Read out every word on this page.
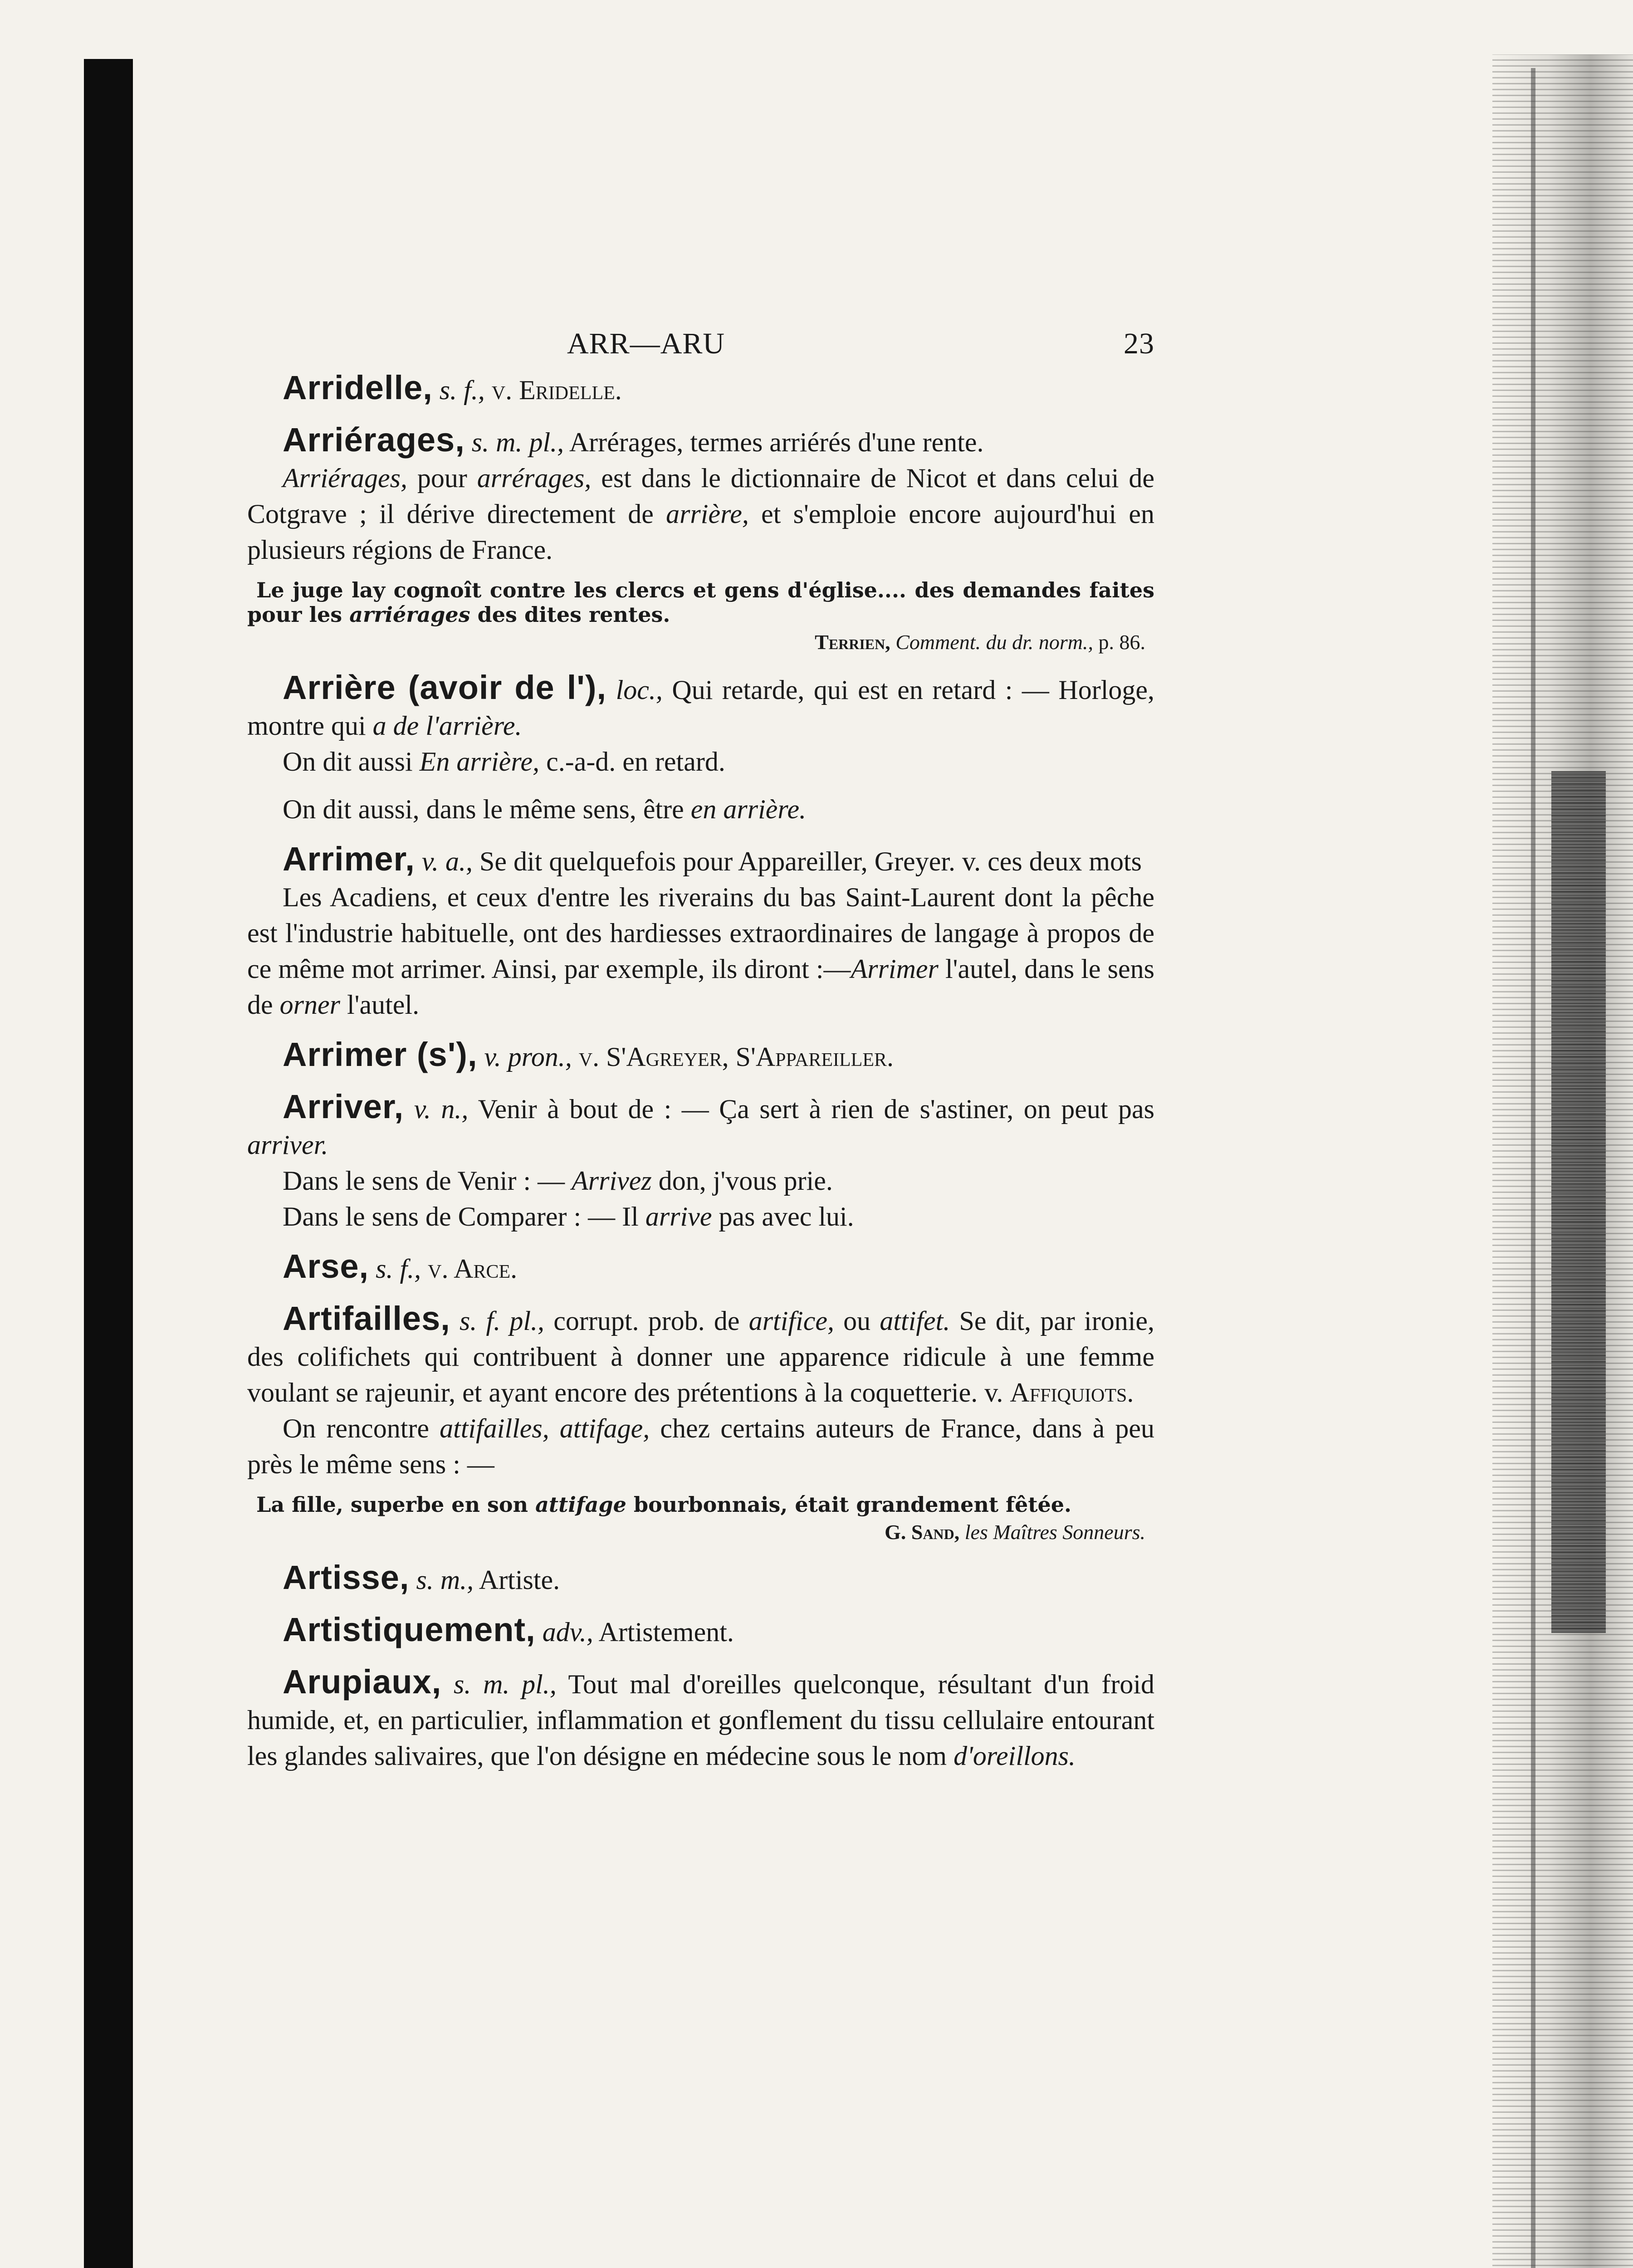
ARR—ARU	23
Arridelle, s. f., v. Eridelle.

Arriérages, s. m. pl., Arrérages, termes arriérés d'une rente.

Arriérages, pour arrérages, est dans le dictionnaire de Nicot et dans celui de Cotgrave ; il dérive directement de arrière, et s'emploie encore aujourd'hui en plusieurs régions de France.

Le juge lay cognoît contre les clercs et gens d'église.... des demandes faites pour les arriérages des dites rentes.

Terrien, Comment. du dr. norm., p. 86.

Arrière (avoir de l'), loc., Qui retarde, qui est en retard : — Horloge, montre qui a de l'arrière.

On dit aussi En arrière, c.-a-d. en retard.

On dit aussi, dans le même sens, être en arrière.

Arrimer, v. a., Se dit quelquefois pour Appareiller, Greyer. v. ces deux mots

Les Acadiens, et ceux d'entre les riverains du bas Saint-Laurent dont la pêche est l'industrie habituelle, ont des hardiesses extraordinaires de langage à propos de ce même mot arrimer. Ainsi, par exemple, ils diront :—Arrimer l'autel, dans le sens de orner l'autel.

Arrimer (s'), v. pron., v. S'Agreyer, S'Appareiller.

Arriver, v. n., Venir à bout de : — Ça sert à rien de s'astiner, on peut pas arriver.

Dans le sens de Venir : — Arrivez don, j'vous prie.

Dans le sens de Comparer : — Il arrive pas avec lui.

Arse, s. f., v. Arce.

Artifailles, s. f. pl., corrupt. prob. de artifice, ou attifet. Se dit, par ironie, des colifichets qui contribuent à donner une apparence ridicule à une femme voulant se rajeunir, et ayant encore des prétentions à la coquetterie. v. Affiquiots.

On rencontre attifailles, attifage, chez certains auteurs de France, dans à peu près le même sens : —

La fille, superbe en son attifage bourbonnais, était grandement fêtée.

G. Sand, les Maîtres Sonneurs.

Artisse, s. m., Artiste.
Artistiquement, adv., Artistement.

Arupiaux, s. m. pl., Tout mal d'oreilles quelconque, résultant d'un froid humide, et, en particulier, inflammation et gonflement du tissu cellulaire entourant les glandes salivaires, que l'on désigne en médecine sous le nom d'oreillons.
